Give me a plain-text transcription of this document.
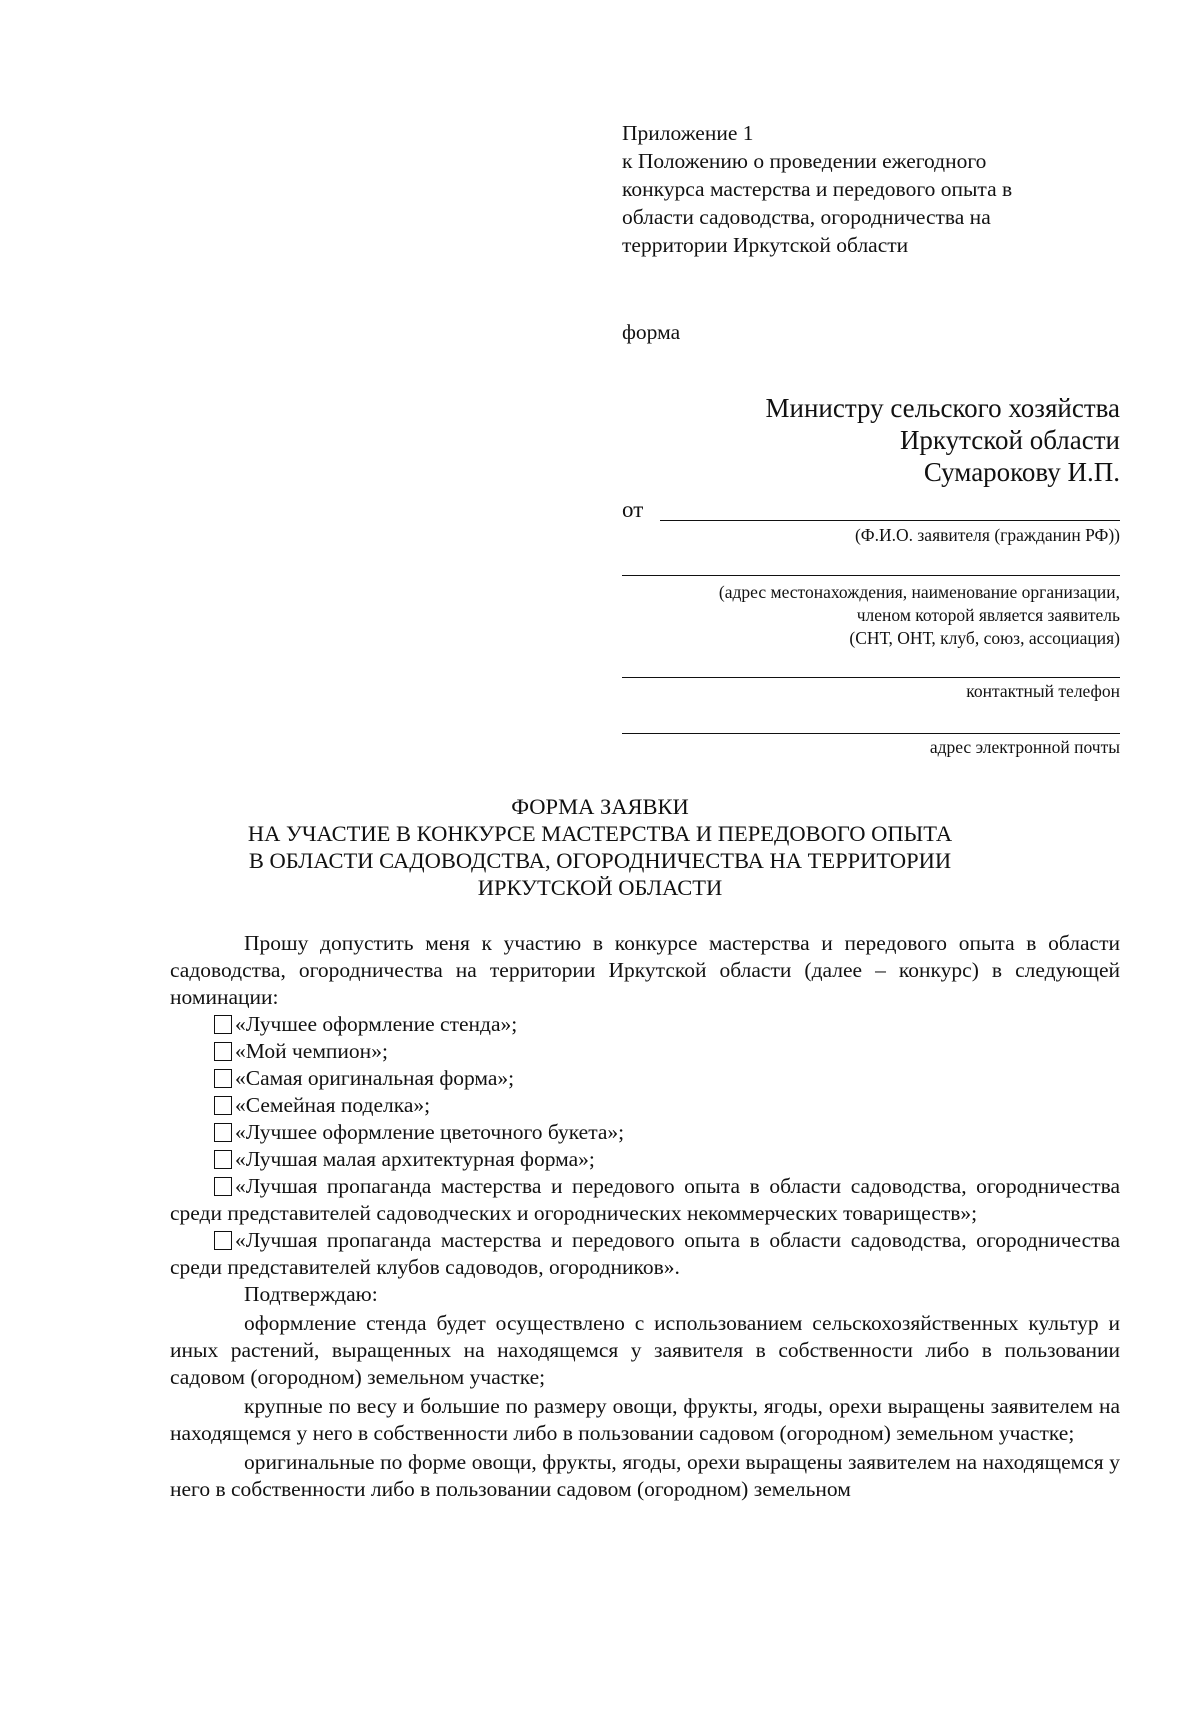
Приложение 1
к Положению о проведении ежегодного
конкурса мастерства и передового опыта в
области садоводства, огородничества на
территории Иркутской области
форма
Министру сельского хозяйства
Иркутской области
Сумарокову И.П.
от
(Ф.И.О. заявителя (гражданин РФ))
(адрес местонахождения, наименование организации,
членом которой является заявитель
(СНТ, ОНТ, клуб, союз, ассоциация)
контактный телефон
адрес электронной почты
ФОРМА ЗАЯВКИ
НА УЧАСТИЕ В КОНКУРСЕ МАСТЕРСТВА И ПЕРЕДОВОГО ОПЫТА
В ОБЛАСТИ САДОВОДСТВА, ОГОРОДНИЧЕСТВА НА ТЕРРИТОРИИ
ИРКУТСКОЙ ОБЛАСТИ

Прошу допустить меня к участию в конкурсе мастерства и передового опыта в области садоводства, огородничества на территории Иркутской области (далее – конкурс) в следующей номинации:

«Лучшее оформление стенда»;
«Мой чемпион»;
«Самая оригинальная форма»;
«Семейная поделка»;
«Лучшее оформление цветочного букета»;
«Лучшая малая архитектурная форма»;
«Лучшая пропаганда мастерства и передового опыта в области садоводства, огородничества среди представителей садоводческих и огороднических некоммерческих товариществ»;
«Лучшая пропаганда мастерства и передового опыта в области садоводства, огородничества среди представителей клубов садоводов, огородников».

Подтверждаю:

оформление стенда будет осуществлено с использованием сельскохозяйственных культур и иных растений, выращенных на находящемся у заявителя в собственности либо в пользовании садовом (огородном) земельном участке;

крупные по весу и большие по размеру овощи, фрукты, ягоды, орехи выращены заявителем на находящемся у него в собственности либо в пользовании садовом (огородном) земельном участке;

оригинальные по форме овощи, фрукты, ягоды, орехи выращены заявителем на находящемся у него в собственности либо в пользовании садовом (огородном) земельном
